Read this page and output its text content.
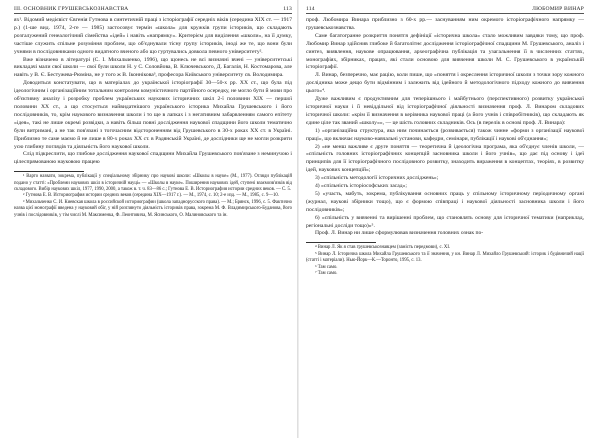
III. ОСНОВНИК ГРУШЕВСЬКОЗНАВСТВА	113

ях¹. Відомий медієвіст Євгенія Гутнова в синтетичній праці з історіографії середніх віків (середина XIX ст. — 1917 р.) (1-ше вид. 1974, 2-ге — 1985) застосовує термін «школа» для кружків групи істориків, що складають розгалужений генеалогічний сімейства «ідей» і навіть «напрямку». Критерієм для виділення «школи», на її думку, частіше служить спільне розуміння проблем, що об'єднували тісну групу істориків, іноді же те, що вони були учнями в послідовниками одного видатного вченого або що гуртувались довкола певного університету².

Вже візначено в літературі (С. І. Михальченко, 1996), що щонесь не всі визначні вчені — університетські викладачі мали свої школи — свої були школи Н. у С. Соловйова, В. Ключевського, Д. Багалія, Н. Костомарова, але навіть у В. Є. Бестужева-Рюміна, не у того ж В. Іконнікова³, професора Київського університету св. Володимира.

Доводиться констатувати, що в матеріалах до української історіографії 30—50-х рр. XX ст., що була під ідеологічним і організаційним тотальним контролем комуністичного партійного осередку, не могло бути й мови про об'єктивну аналізу і розробку проблем українських наукових історичних шкіл 2-ї половини XIX — першої половини XX ст., а що стосується найвидатнішого українського історика Михайла Грушевського і його послідовників, то, крім наукового визначення школи і то ще в лапках і з негативним забарвленням самого епітету «ідея», такі не лише окремі розвідки, а навіть більш повні дослідження наукової спадщини його школи тематично були витримані, а не так пов'язані з тогочасним відстороненням від Грушевського в 30-х роках XX ст. в Україні. Приблизно те саме маємо й не лише в 80-х роках XX ст. в Радянській Україні, де дослідники ще не могли розкрити усю глибину поглядів та діяльність його наукової школи.

Слід підкреслити, що глибоке дослідження наукової спадщини Михайла Грушевського пов'язане з неминучою і цілеспрямованою науковою працею

¹ Варто назвати, зокрема, публікації у спеціальному збірнику про наукові школи: «Школы в науке» (М., 1977). Огляди публікацій подано у статті: «Проблеми наукових шкіл в історичній науці» — «Школы в науке». Поширення наукових ідей, ступені взаємозв'язків від складового. Вибір наукових шкіл, 1977, 1990, 2000, а також в. т. ч. 83—86 с.; Гутнова Е. В. Историография истории средних веков. — С. 5.

² Гутнова Е. В. Историография истории средних веков (середина XIX—1917 г.). — М., 1974, с. 10; 2-е изд. — М., 1985, с. 9—10.

³ Михальченко С. И. Киевская школа в российской историографии (школа западнорусского права). — М.; Брянск, 1996, с. 5. Фактично назва цієї монографії введена у науковий обіг, у ній розглянуто діяльність істориків права, зокрема М. Ф. Владимирського-Буданова, його учнів і послідовників, у тім числі М. Максименка, Ф. Леонтовича, М. Ясинського, О. Малиновського та ін.

114	ЛЮБОМИР ВИНАР

проф. Любомира Винара приблизно з 60-х рр.— заснуванням ним окремого історіографічного напрямку — грушевськознавства.

Саме багатогранне розкриття понятгя дефініції «історична школа» стало можливим завдяки тому, що проф. Любомир Винар здійснив глибоке й багатолітнє дослідження історіографічної спадщини М. Грушевського, аналіз і синтез, виявлення, наукове опрацювання, археографічна публікація та узагальнення її в численних статтях, монографіях, збірниках, працях, які стали основою для вивчення школи М. С. Грушевського в українській історіографії.

Л. Винар, безперечно, має рацію, коли пише, що «поняття і окреслення історичної школи з точки зору кожного дослідника може дещо бути відмінним і залежить від ідейного й методологічного підходу кожного до вивчення цього»⁴.

Дуже важливим є продуктивним для теперішнього і майбутнього (перспективного) розвитку української історичної науки і її невіддільної від історіографічної діяльності визначення проф. Л. Винаром складових історичної школи: «крім її визначення в керівника наукової праці (а його учнів і співробітників), що складають як єдине ціле так званий «школу»», — це шість головних складників. Ось (в перелік в основі проф. Л. Винара):

1) «організаційна структура, яка ним починається (розвивається) також чинне «форми з організації наукової праці», що включає науково-навчальні установи, кафедри, семінари, публікації і наукові об'єднання»;

2) «не менш важливе є друге поняття — теоретична й ідеологічна програма, яка об'єднує членів школи, — «спільність головних історіографічних концепцій засновника школи і його учнів», що дає під основу і ідеї принципів для її історіографічного послідовного розвитку, знаходить вираження в концептах, теоріях, в розвитку ідей, наукових концепцій»;

3) «спільність методології історичних досліджень»;

4) «спільність історіософських засад»;

5) «участь, мабуть, зокрема, публікування основних праць у спільному історичному періодичному органі (журнал, наукові збірники тощо), що є формою співпраці і наукової діяльності засновника школи і його послідовників»;

6) «спільність у вивченні та вирішенні проблем, що становлять основу для історичної тематики (наприклад, регіональні досліди тощо)»⁵.

Проф. Л. Винар ни лише сформулював визначення головних ознак по-

⁴ Винар Л. Як я став грушевськознавцем (замість передмови), с. ХІ.

⁵ Винар Л. Історична школа Михайла Грушевського та її значення, у кн. Винар Л. Михайло Грушевський: історик і будівничий нації (статті і матеріали). Нью-Йорк—К.—Торонто, 1995, с. 13.

⁶ Там само.

⁷ Там само.
